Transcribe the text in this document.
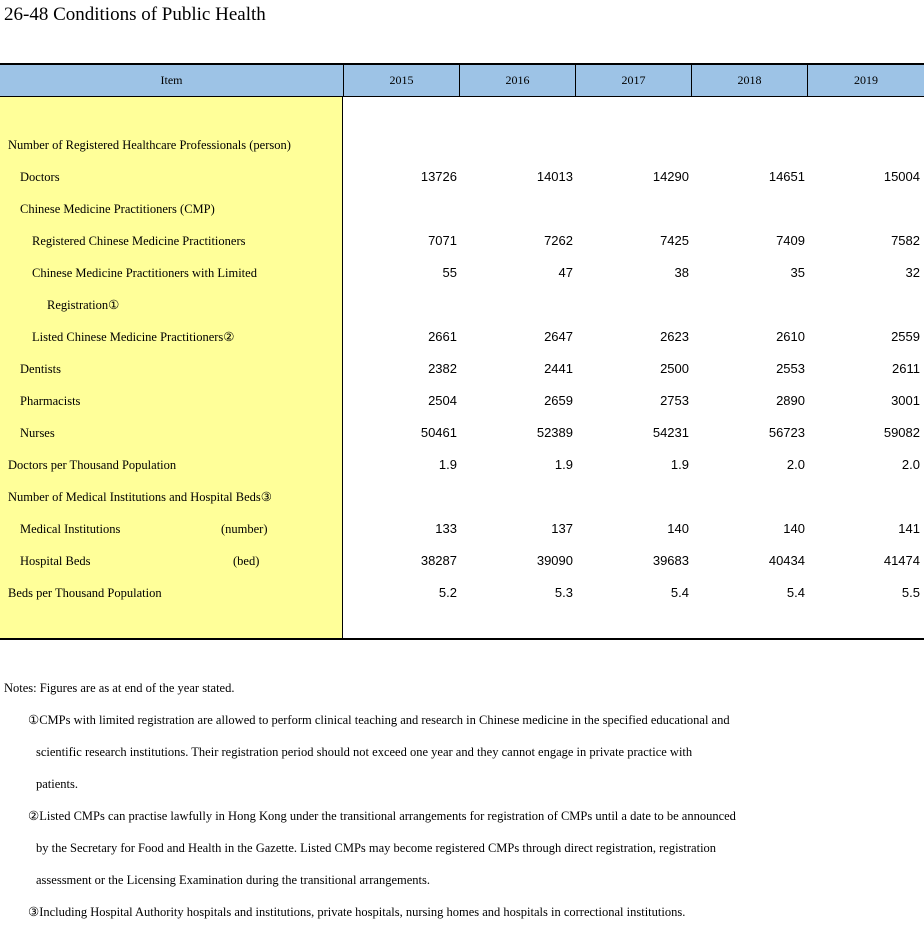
26-48 Conditions of Public Health
Item	2015	2016	2017	2018	2019
Number of Registered Healthcare Professionals (person)
Doctors	13726	14013	14290	14651	15004
Chinese Medicine Practitioners (CMP)
Registered Chinese Medicine Practitioners	7071	7262	7425	7409	7582
Chinese Medicine Practitioners with Limited	55	47	38	35	32
Registration①
Listed Chinese Medicine Practitioners②	2661	2647	2623	2610	2559
Dentists	2382	2441	2500	2553	2611
Pharmacists	2504	2659	2753	2890	3001
Nurses	50461	52389	54231	56723	59082
Doctors per Thousand Population	1.9	1.9	1.9	2.0	2.0
Number of Medical Institutions and Hospital Beds③
Medical Institutions	(number)	133	137	140	140	141
Hospital Beds	(bed)	38287	39090	39683	40434	41474
Beds per Thousand Population	5.2	5.3	5.4	5.4	5.5
Notes: Figures are as at end of the year stated.
①CMPs with limited registration are allowed to perform clinical teaching and research in Chinese medicine in the specified educational and
scientific research institutions. Their registration period should not exceed one year and they cannot engage in private practice with
patients.
②Listed CMPs can practise lawfully in Hong Kong under the transitional arrangements for registration of CMPs until a date to be announced
by the Secretary for Food and Health in the Gazette. Listed CMPs may become registered CMPs through direct registration, registration
assessment or the Licensing Examination during the transitional arrangements.
③Including Hospital Authority hospitals and institutions, private hospitals, nursing homes and hospitals in correctional institutions.
